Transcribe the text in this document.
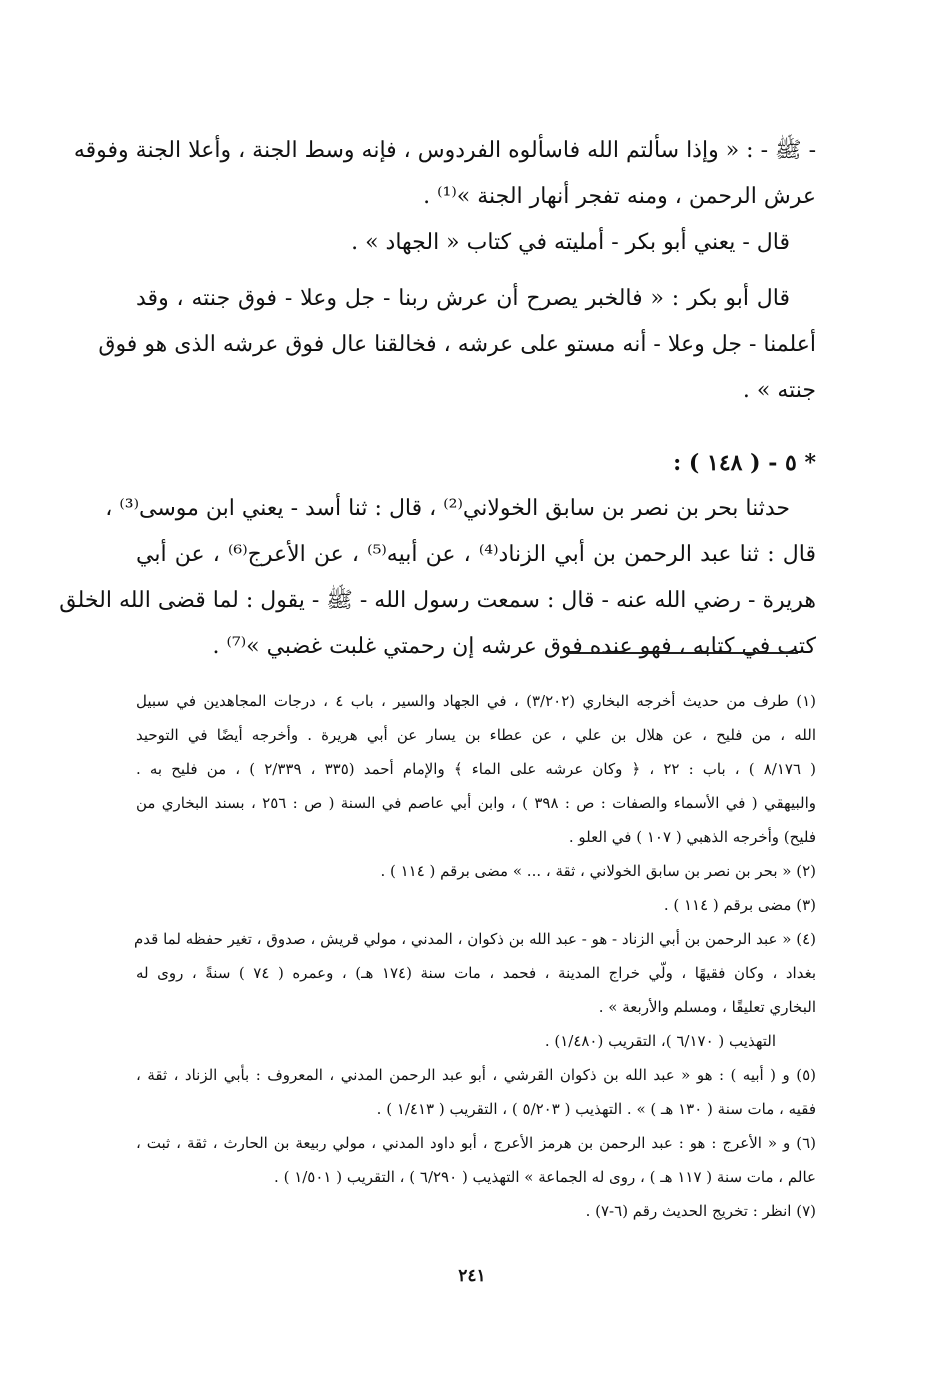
- ﷺ - : « وإذا سألتم الله فاسألوه الفردوس ، فإنه وسط الجنة ، وأعلا الجنة وفوقه
عرش الرحمن ، ومنه تفجر أنهار الجنة »⁽¹⁾ .
قال - يعني أبو بكر - أمليته في كتاب « الجهاد » .
قال أبو بكر : « فالخبر يصرح أن عرش ربنا - جل وعلا - فوق جنته ، وقد
أعلمنا - جل وعلا - أنه مستو على عرشه ، فخالقنا عال فوق عرشه الذى هو فوق
جنته » .
* ٥ - ( ١٤٨ ) :
حدثنا بحر بن نصر بن سابق الخولاني⁽²⁾ ، قال : ثنا أسد - يعني ابن موسى⁽³⁾ ،
قال : ثنا عبد الرحمن بن أبي الزناد⁽⁴⁾ ، عن أبيه⁽⁵⁾ ، عن الأعرج⁽⁶⁾ ، عن أبي
هريرة - رضي الله عنه - قال : سمعت رسول الله - ﷺ - يقول : لما قضى الله الخلق
كتب في كتابه ، فهو عنده فوق عرشه إن رحمتي غلبت غضبي »⁽⁷⁾ .
(١) طرف من حديث أخرجه البخاري (٣/٢٠٢) ، في الجهاد والسير ، باب ٤ ، درجات المجاهدين في سبيل
الله ، من فليح ، عن هلال بن علي ، عن عطاء بن يسار عن أبي هريرة . وأخرجه أيضًا في التوحيد
( ٨/١٧٦ ) ، باب : ٢٢ ، ﴿ وكان عرشه على الماء ﴾ والإمام أحمد (٣٣٥ ، ٢/٣٣٩ ) ، من فليح به .
والبيهقي ( في الأسماء والصفات : ص : ٣٩٨ ) ، وابن أبي عاصم في السنة ( ص : ٢٥٦ ، بسند البخاري من
فليح) وأخرجه الذهبي ( ١٠٧ ) في العلو .
(٢) « بحر بن نصر بن سابق الخولاني ، ثقة ، ... » مضى برقم ( ١١٤ ) .
(٣) مضى برقم ( ١١٤ ) .
(٤) « عبد الرحمن بن أبي الزناد - هو - عبد الله بن ذكوان ، المدني ، مولي قريش ، صدوق ، تغير حفظه لما قدم
بغداد ، وكان فقيهًا ، ولّي خراج المدينة ، فحمد ، مات سنة (١٧٤ هـ) ، وعمره ( ٧٤ ) سنةً ، روى له
البخاري تعليقًا ، ومسلم والأربعة » .
التهذيب ( ٦/١٧٠ )، التقريب (١/٤٨٠) .
(٥) و ( أبيه ) : هو « عبد الله بن ذكوان القرشي ، أبو عبد الرحمن المدني ، المعروف : بأبي الزناد ، ثقة ،
فقيه ، مات سنة ( ١٣٠ هـ ) » . التهذيب ( ٥/٢٠٣ ) ، التقريب ( ١/٤١٣ ) .
(٦) و « الأعرج : هو : عبد الرحمن بن هرمز الأعرج ، أبو داود المدني ، مولي ربيعة بن الحارث ، ثقة ، ثبت ،
عالم ، مات سنة ( ١١٧ هـ ) ، روى له الجماعة » التهذيب ( ٦/٢٩٠ ) ، التقريب ( ١/٥٠١ ) .
(٧) انظر : تخريج الحديث رقم (٦-٧) .
٢٤١
